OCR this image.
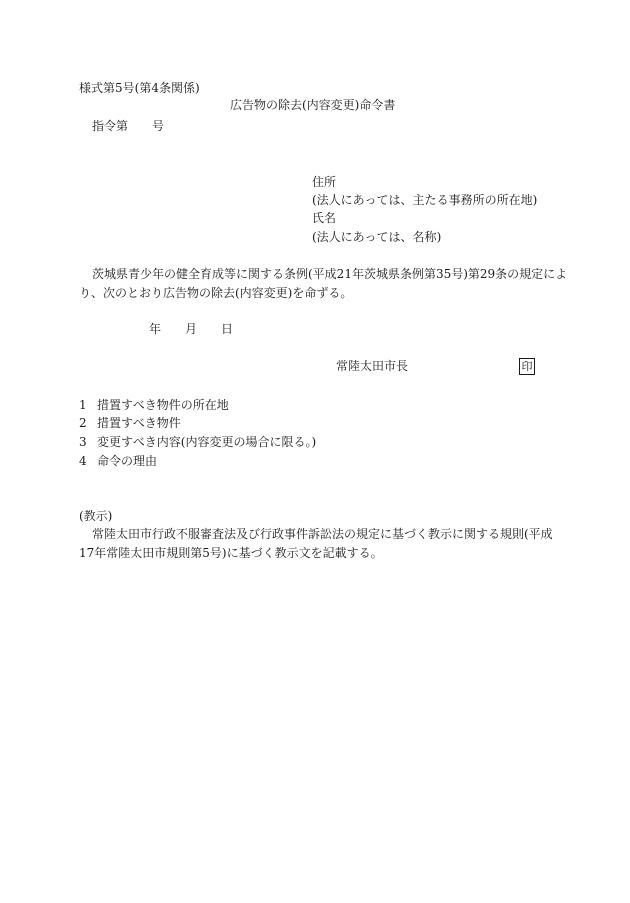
様式第5号(第4条関係)
広告物の除去(内容変更)命令書
指令第　　号
住所
(法人にあっては、主たる事務所の所在地)
氏名
(法人にあっては、名称)
茨城県青少年の健全育成等に関する条例(平成21年茨城県条例第35号)第29条の規定によ
り、次のとおり広告物の除去(内容変更)を命ずる。
年 月 日
常陸太田市長	印
1 措置すべき物件の所在地
2 措置すべき物件
3 変更すべき内容(内容変更の場合に限る。)
4 命令の理由
(教示)
常陸太田市行政不服審査法及び行政事件訴訟法の規定に基づく教示に関する規則(平成
17年常陸太田市規則第5号)に基づく教示文を記載する。
